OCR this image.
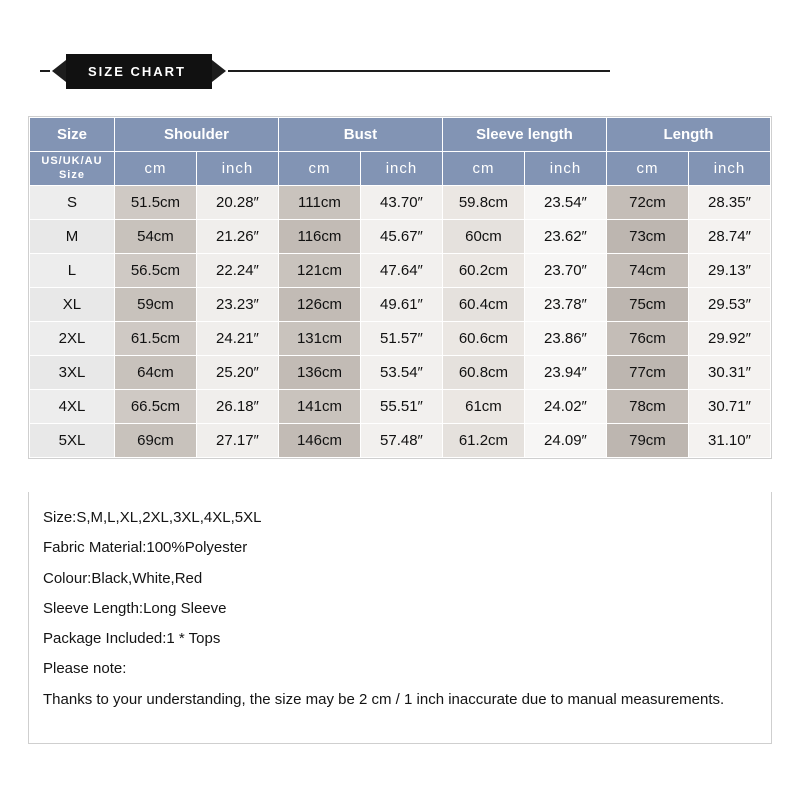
SIZE CHART
Size	Shoulder		Bust		Sleeve length		Length	
US/UK/AU Size	cm	inch	cm	inch	cm	inch	cm	inch
S	51.5cm	20.28″	111cm	43.70″	59.8cm	23.54″	72cm	28.35″
M	54cm	21.26″	116cm	45.67″	60cm	23.62″	73cm	28.74″
L	56.5cm	22.24″	121cm	47.64″	60.2cm	23.70″	74cm	29.13″
XL	59cm	23.23″	126cm	49.61″	60.4cm	23.78″	75cm	29.53″
2XL	61.5cm	24.21″	131cm	51.57″	60.6cm	23.86″	76cm	29.92″
3XL	64cm	25.20″	136cm	53.54″	60.8cm	23.94″	77cm	30.31″
4XL	66.5cm	26.18″	141cm	55.51″	61cm	24.02″	78cm	30.71″
5XL	69cm	27.17″	146cm	57.48″	61.2cm	24.09″	79cm	31.10″

Size:S,M,L,XL,2XL,3XL,4XL,5XL

Fabric Material:100%Polyester

Colour:Black,White,Red

Sleeve Length:Long Sleeve

Package Included:1 * Tops

Please note:

Thanks to your understanding, the size may be 2 cm / 1 inch inaccurate due to manual measurements.
